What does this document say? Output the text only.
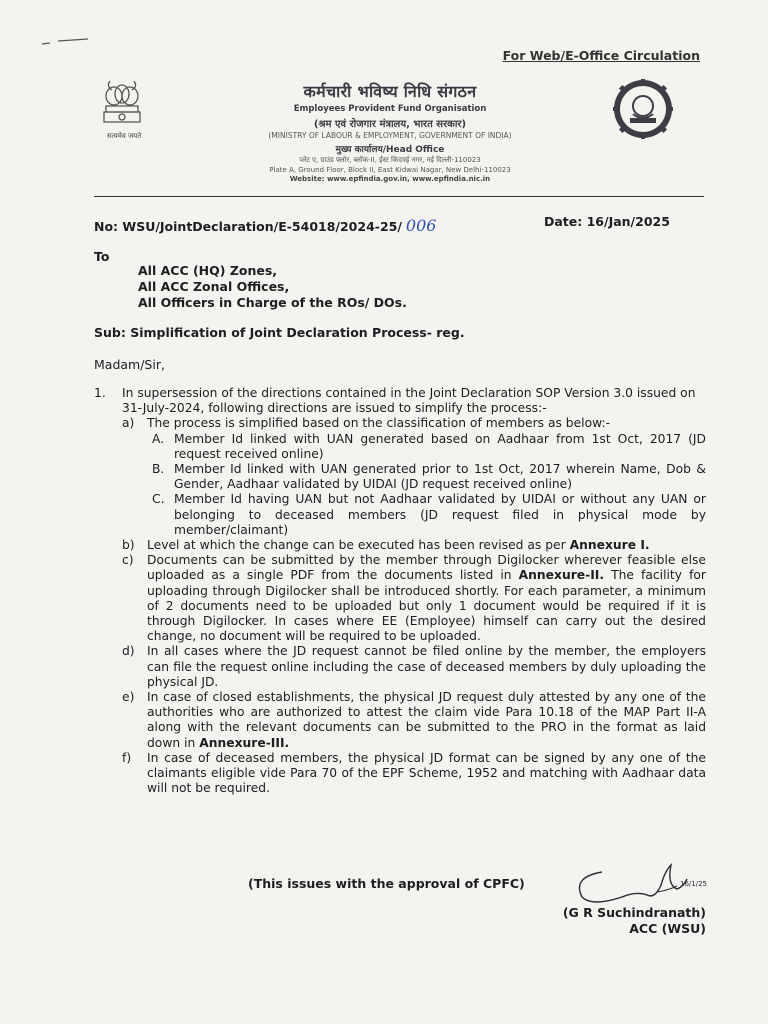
For Web/E-Office Circulation
सत्यमेव जयते
कर्मचारी भविष्य निधि संगठन
Employees Provident Fund Organisation
(श्रम एवं रोजगार मंत्रालय, भारत सरकार)
(MINISTRY OF LABOUR & EMPLOYMENT, GOVERNMENT OF INDIA)
मुख्य कार्यालय/Head Office
प्लेट ए, ग्राउंड फ्लोर, ब्लॉक-II, ईस्ट किदवई नगर, नई दिल्ली-110023
Plate A, Ground Floor, Block II, East Kidwai Nagar, New Delhi-110023
Website: www.epfindia.gov.in, www.epfindia.nic.in
No: WSU/JointDeclaration/E-54018/2024-25/ 006	Date: 16/Jan/2025
To
All ACC (HQ) Zones,
All ACC Zonal Offices,
All Officers in Charge of the ROs/ DOs.
Sub: Simplification of Joint Declaration Process- reg.
Madam/Sir,
1. In supersession of the directions contained in the Joint Declaration SOP Version 3.0 issued on 31-July-2024, following directions are issued to simplify the process:-
a) The process is simplified based on the classification of members as below:-
A. Member Id linked with UAN generated based on Aadhaar from 1st Oct, 2017 (JD request received online)
B. Member Id linked with UAN generated prior to 1st Oct, 2017 wherein Name, Dob & Gender, Aadhaar validated by UIDAI (JD request received online)
C. Member Id having UAN but not Aadhaar validated by UIDAI or without any UAN or belonging to deceased members (JD request filed in physical mode by member/claimant)
b) Level at which the change can be executed has been revised as per Annexure I.
c) Documents can be submitted by the member through Digilocker wherever feasible else uploaded as a single PDF from the documents listed in Annexure-II. The facility for uploading through Digilocker shall be introduced shortly. For each parameter, a minimum of 2 documents need to be uploaded but only 1 document would be required if it is through Digilocker. In cases where EE (Employee) himself can carry out the desired change, no document will be required to be uploaded.
d) In all cases where the JD request cannot be filed online by the member, the employers can file the request online including the case of deceased members by duly uploading the physical JD.
e) In case of closed establishments, the physical JD request duly attested by any one of the authorities who are authorized to attest the claim vide Para 10.18 of the MAP Part II-A along with the relevant documents can be submitted to the PRO in the format as laid down in Annexure-III.
f) In case of deceased members, the physical JD format can be signed by any one of the claimants eligible vide Para 70 of the EPF Scheme, 1952 and matching with Aadhaar data will not be required.
(This issues with the approval of CPFC)	16/1/25
(G R Suchindranath)
ACC (WSU)
